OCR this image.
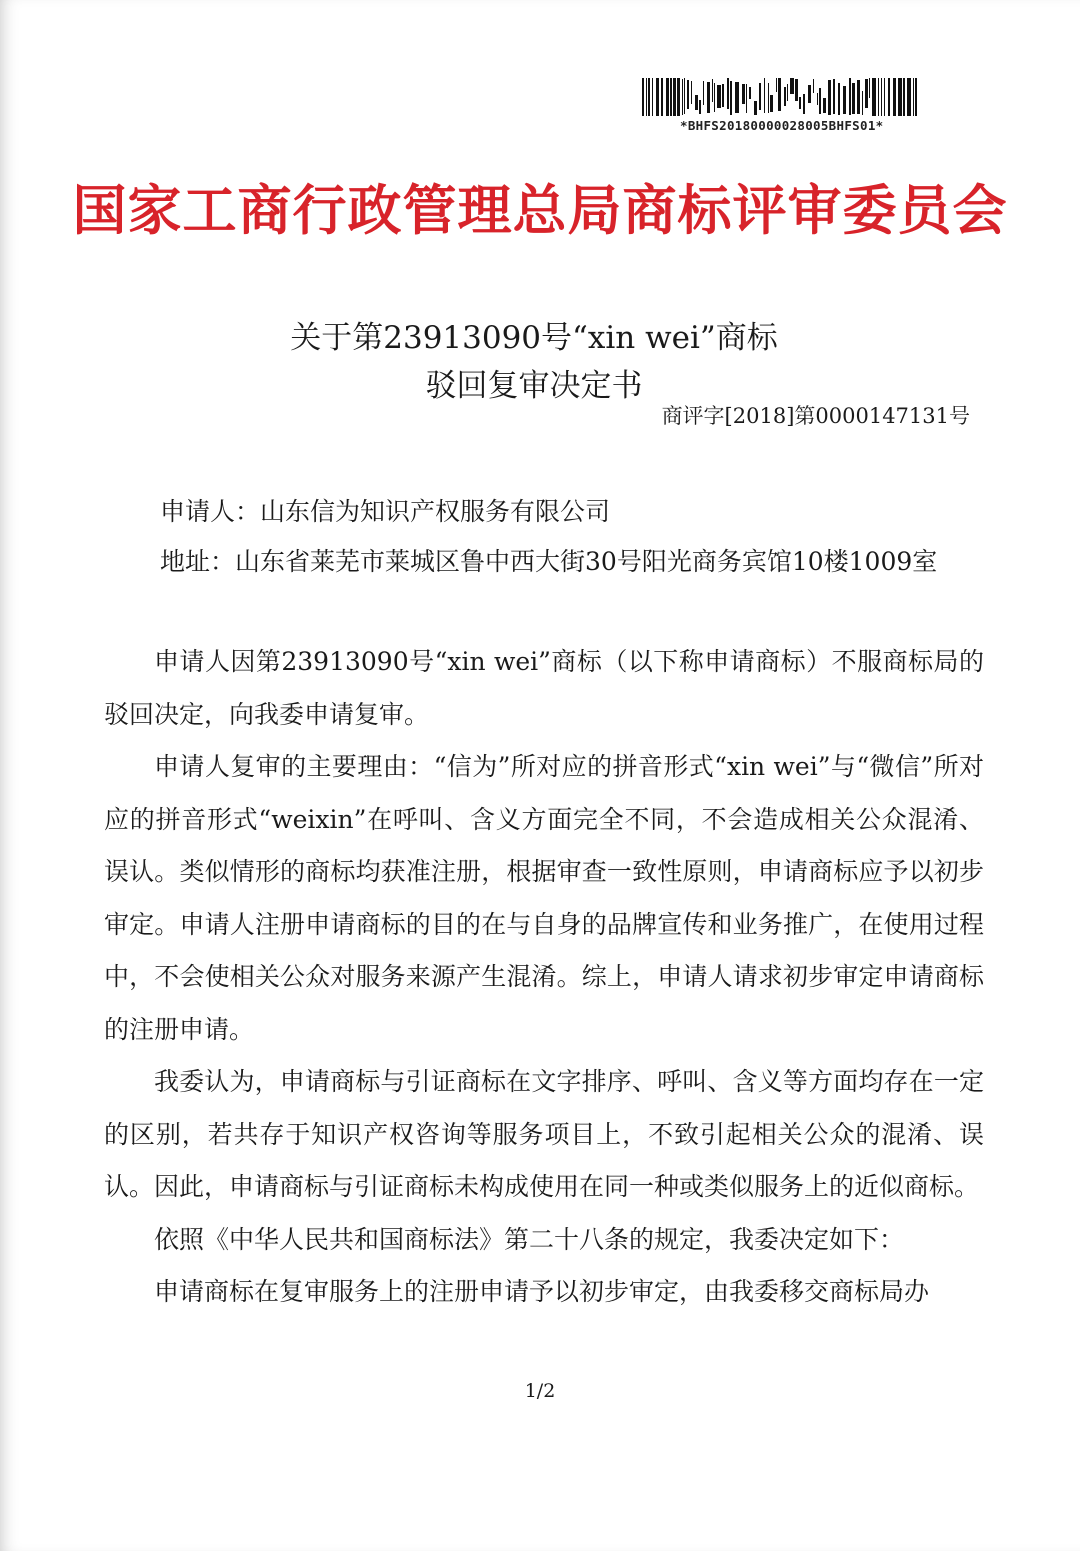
*BHFS20180000028005BHFS01*
国家工商行政管理总局商标评审委员会
关于第23913090号“xin wei”商标
驳回复审决定书
商评字[2018]第0000147131号
申请人：山东信为知识产权服务有限公司
地址：山东省莱芜市莱城区鲁中西大街30号阳光商务宾馆10楼1009室

申请人因第23913090号“xin wei”商标（以下称申请商标）不服商标局的驳回决定，向我委申请复审。

申请人复审的主要理由：“信为”所对应的拼音形式“xin wei”与“微信”所对应的拼音形式“weixin”在呼叫、含义方面完全不同，不会造成相关公众混淆、误认。类似情形的商标均获准注册，根据审查一致性原则，申请商标应予以初步审定。申请人注册申请商标的目的在与自身的品牌宣传和业务推广，在使用过程中，不会使相关公众对服务来源产生混淆。综上，申请人请求初步审定申请商标的注册申请。

我委认为，申请商标与引证商标在文字排序、呼叫、含义等方面均存在一定的区别，若共存于知识产权咨询等服务项目上，不致引起相关公众的混淆、误认。因此，申请商标与引证商标未构成使用在同一种或类似服务上的近似商标。

依照《中华人民共和国商标法》第二十八条的规定，我委决定如下：

申请商标在复审服务上的注册申请予以初步审定，由我委移交商标局办

1/2
